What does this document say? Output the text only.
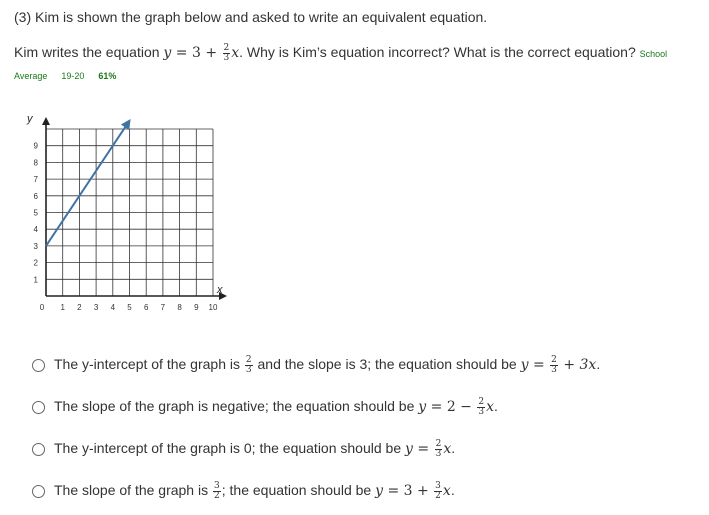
(3) Kim is shown the graph below and asked to write an equivalent equation.
Kim writes the equation $y = 3 + \frac{2}{3} x$. Why is Kim’s equation incorrect? What is the correct equation? School
Average 19-20 61%
y
x
0 1 2 3 4 5 6 7 8 9 10
1
2
3
4
5
6
7
8
9
The y-intercept of the graph is $\frac{2}{3}$ and the slope is 3; the equation should be $y = \frac{2}{3} + 3x$.
The slope of the graph is negative; the equation should be $y = 2 - \frac{2}{3} x$.
The y-intercept of the graph is 0; the equation should be $y = \frac{2}{3} x$.
The slope of the graph is $\frac{3}{2}$ ; the equation should be $y = 3 + \frac{3}{2} x$.
